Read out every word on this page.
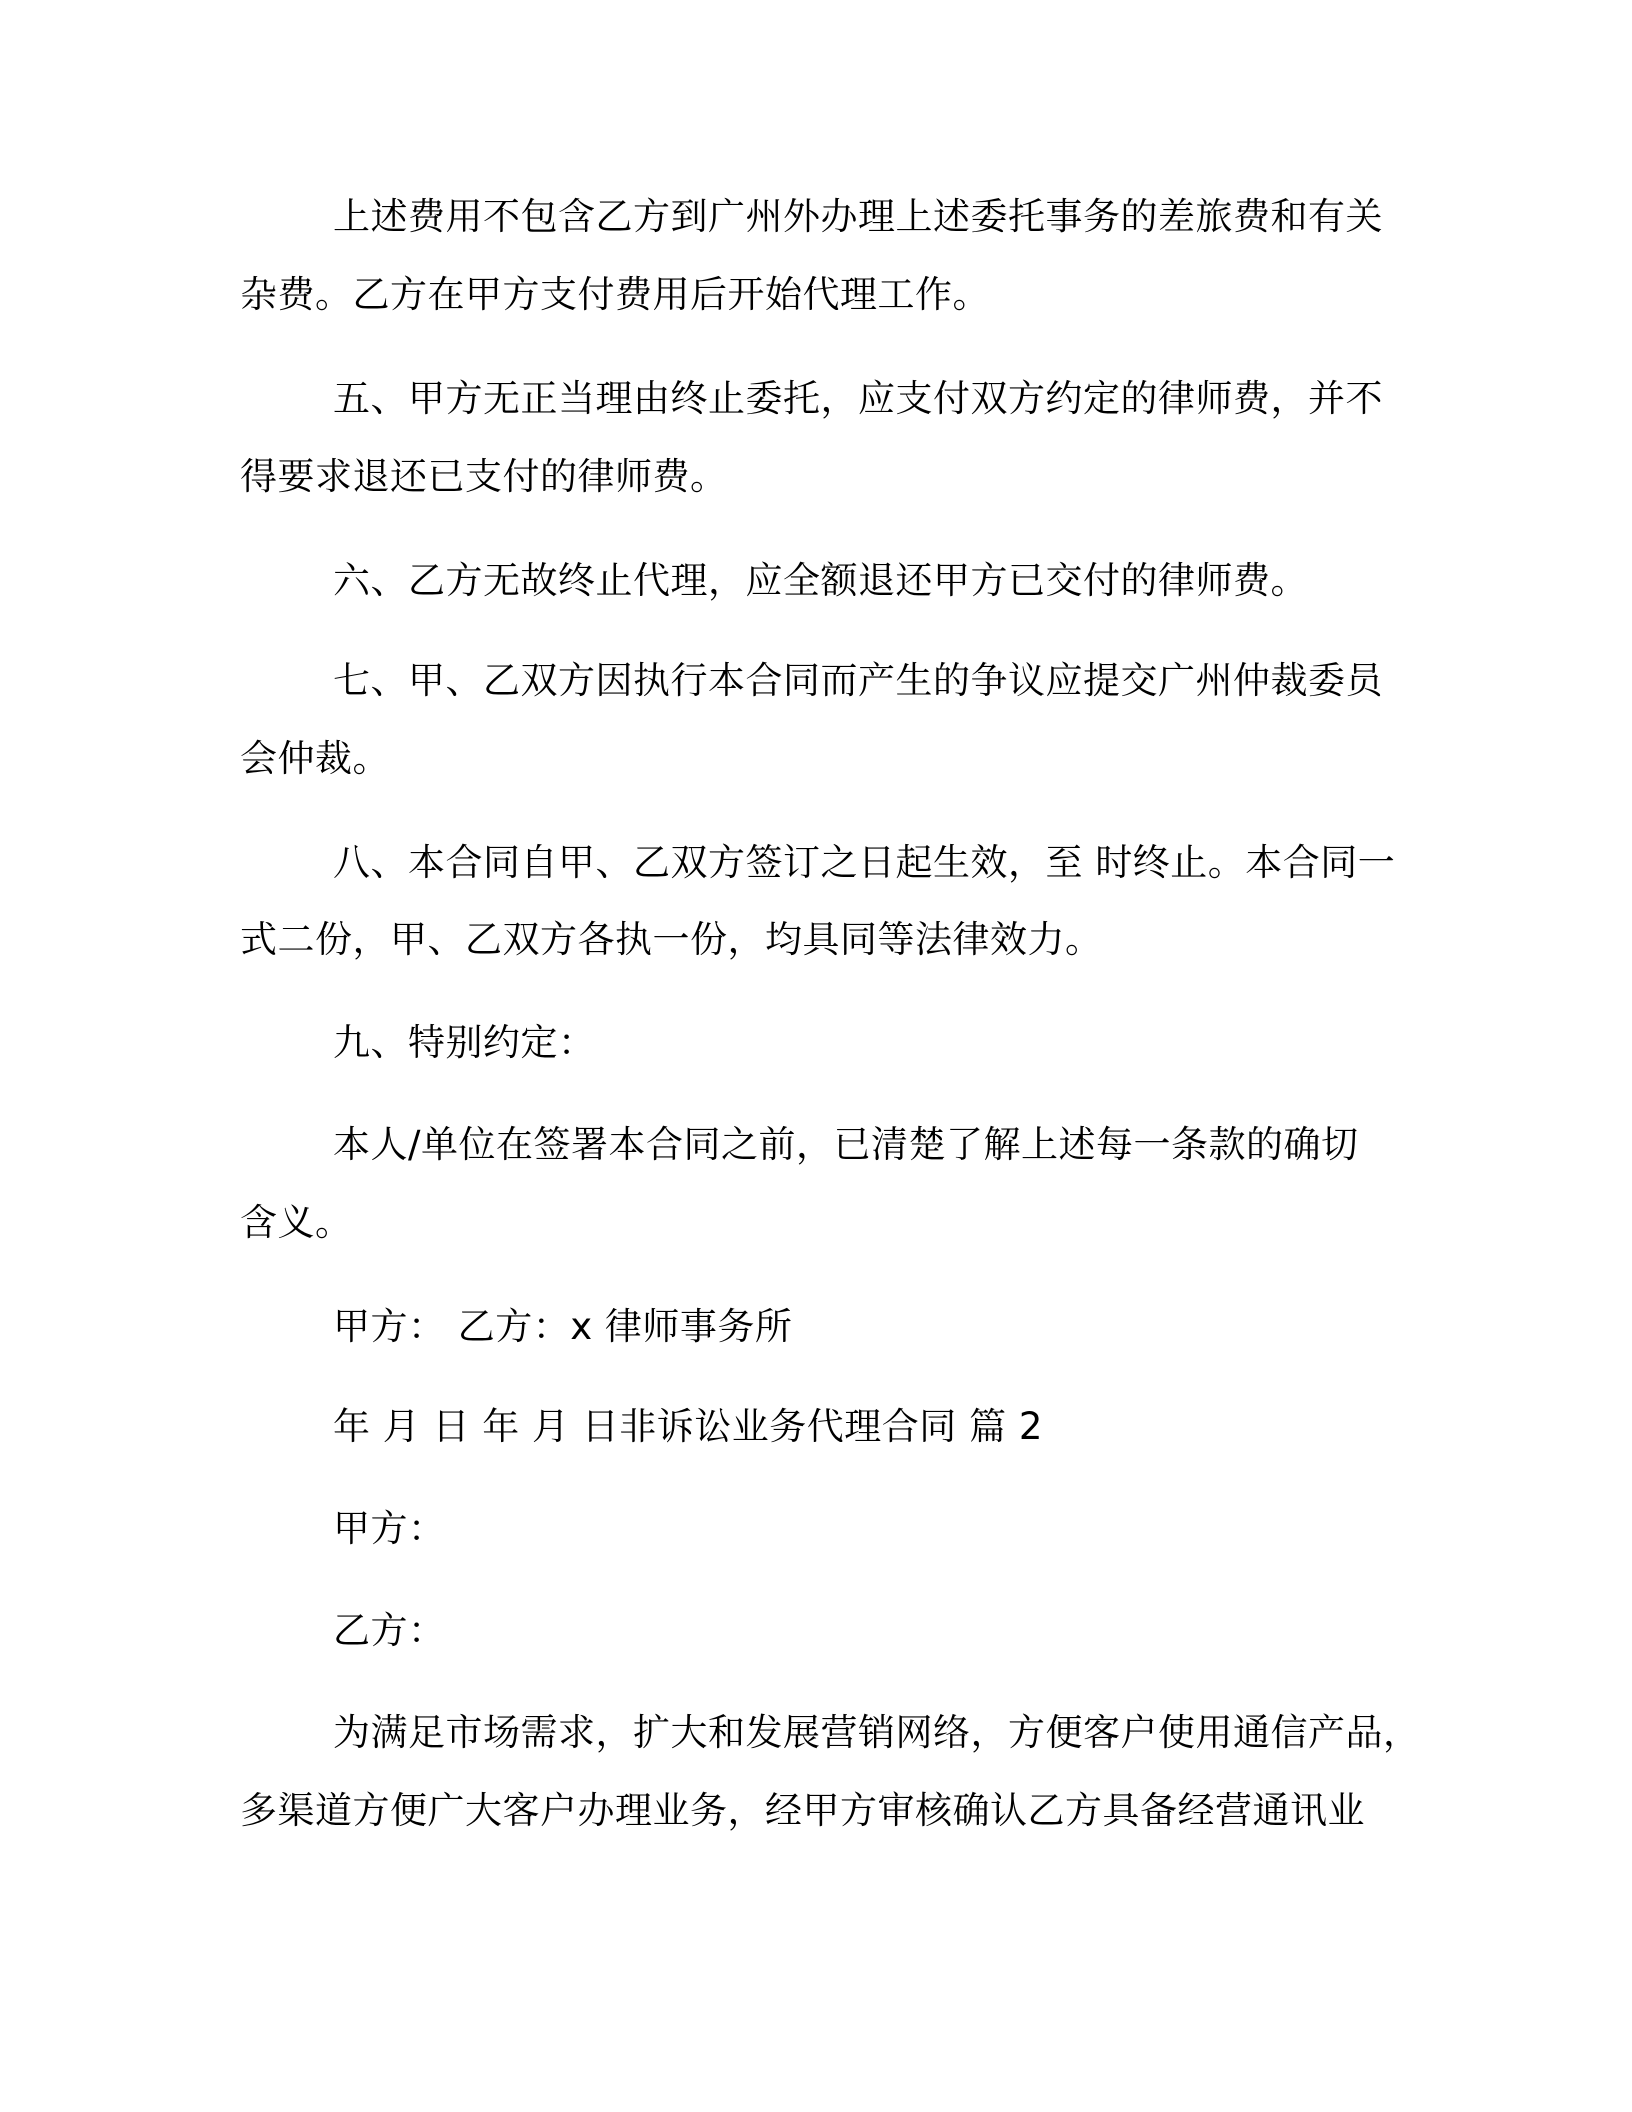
上述费用不包含乙方到广州外办理上述委托事务的差旅费和有关

杂费。乙方在甲方支付费用后开始代理工作。

五、甲方无正当理由终止委托，应支付双方约定的律师费，并不

得要求退还已支付的律师费。

六、乙方无故终止代理，应全额退还甲方已交付的律师费。

七、甲、乙双方因执行本合同而产生的争议应提交广州仲裁委员

会仲裁。

八、本合同自甲、乙双方签订之日起生效，至 时终止。本合同一

式二份，甲、乙双方各执一份，均具同等法律效力。

九、特别约定：

本人/单位在签署本合同之前，已清楚了解上述每一条款的确切

含义。

甲方： 乙方：x 律师事务所

年 月 日 年 月 日非诉讼业务代理合同 篇 2

甲方：

乙方：

为满足市场需求，扩大和发展营销网络，方便客户使用通信产品，

多渠道方便广大客户办理业务，经甲方审核确认乙方具备经营通讯业
